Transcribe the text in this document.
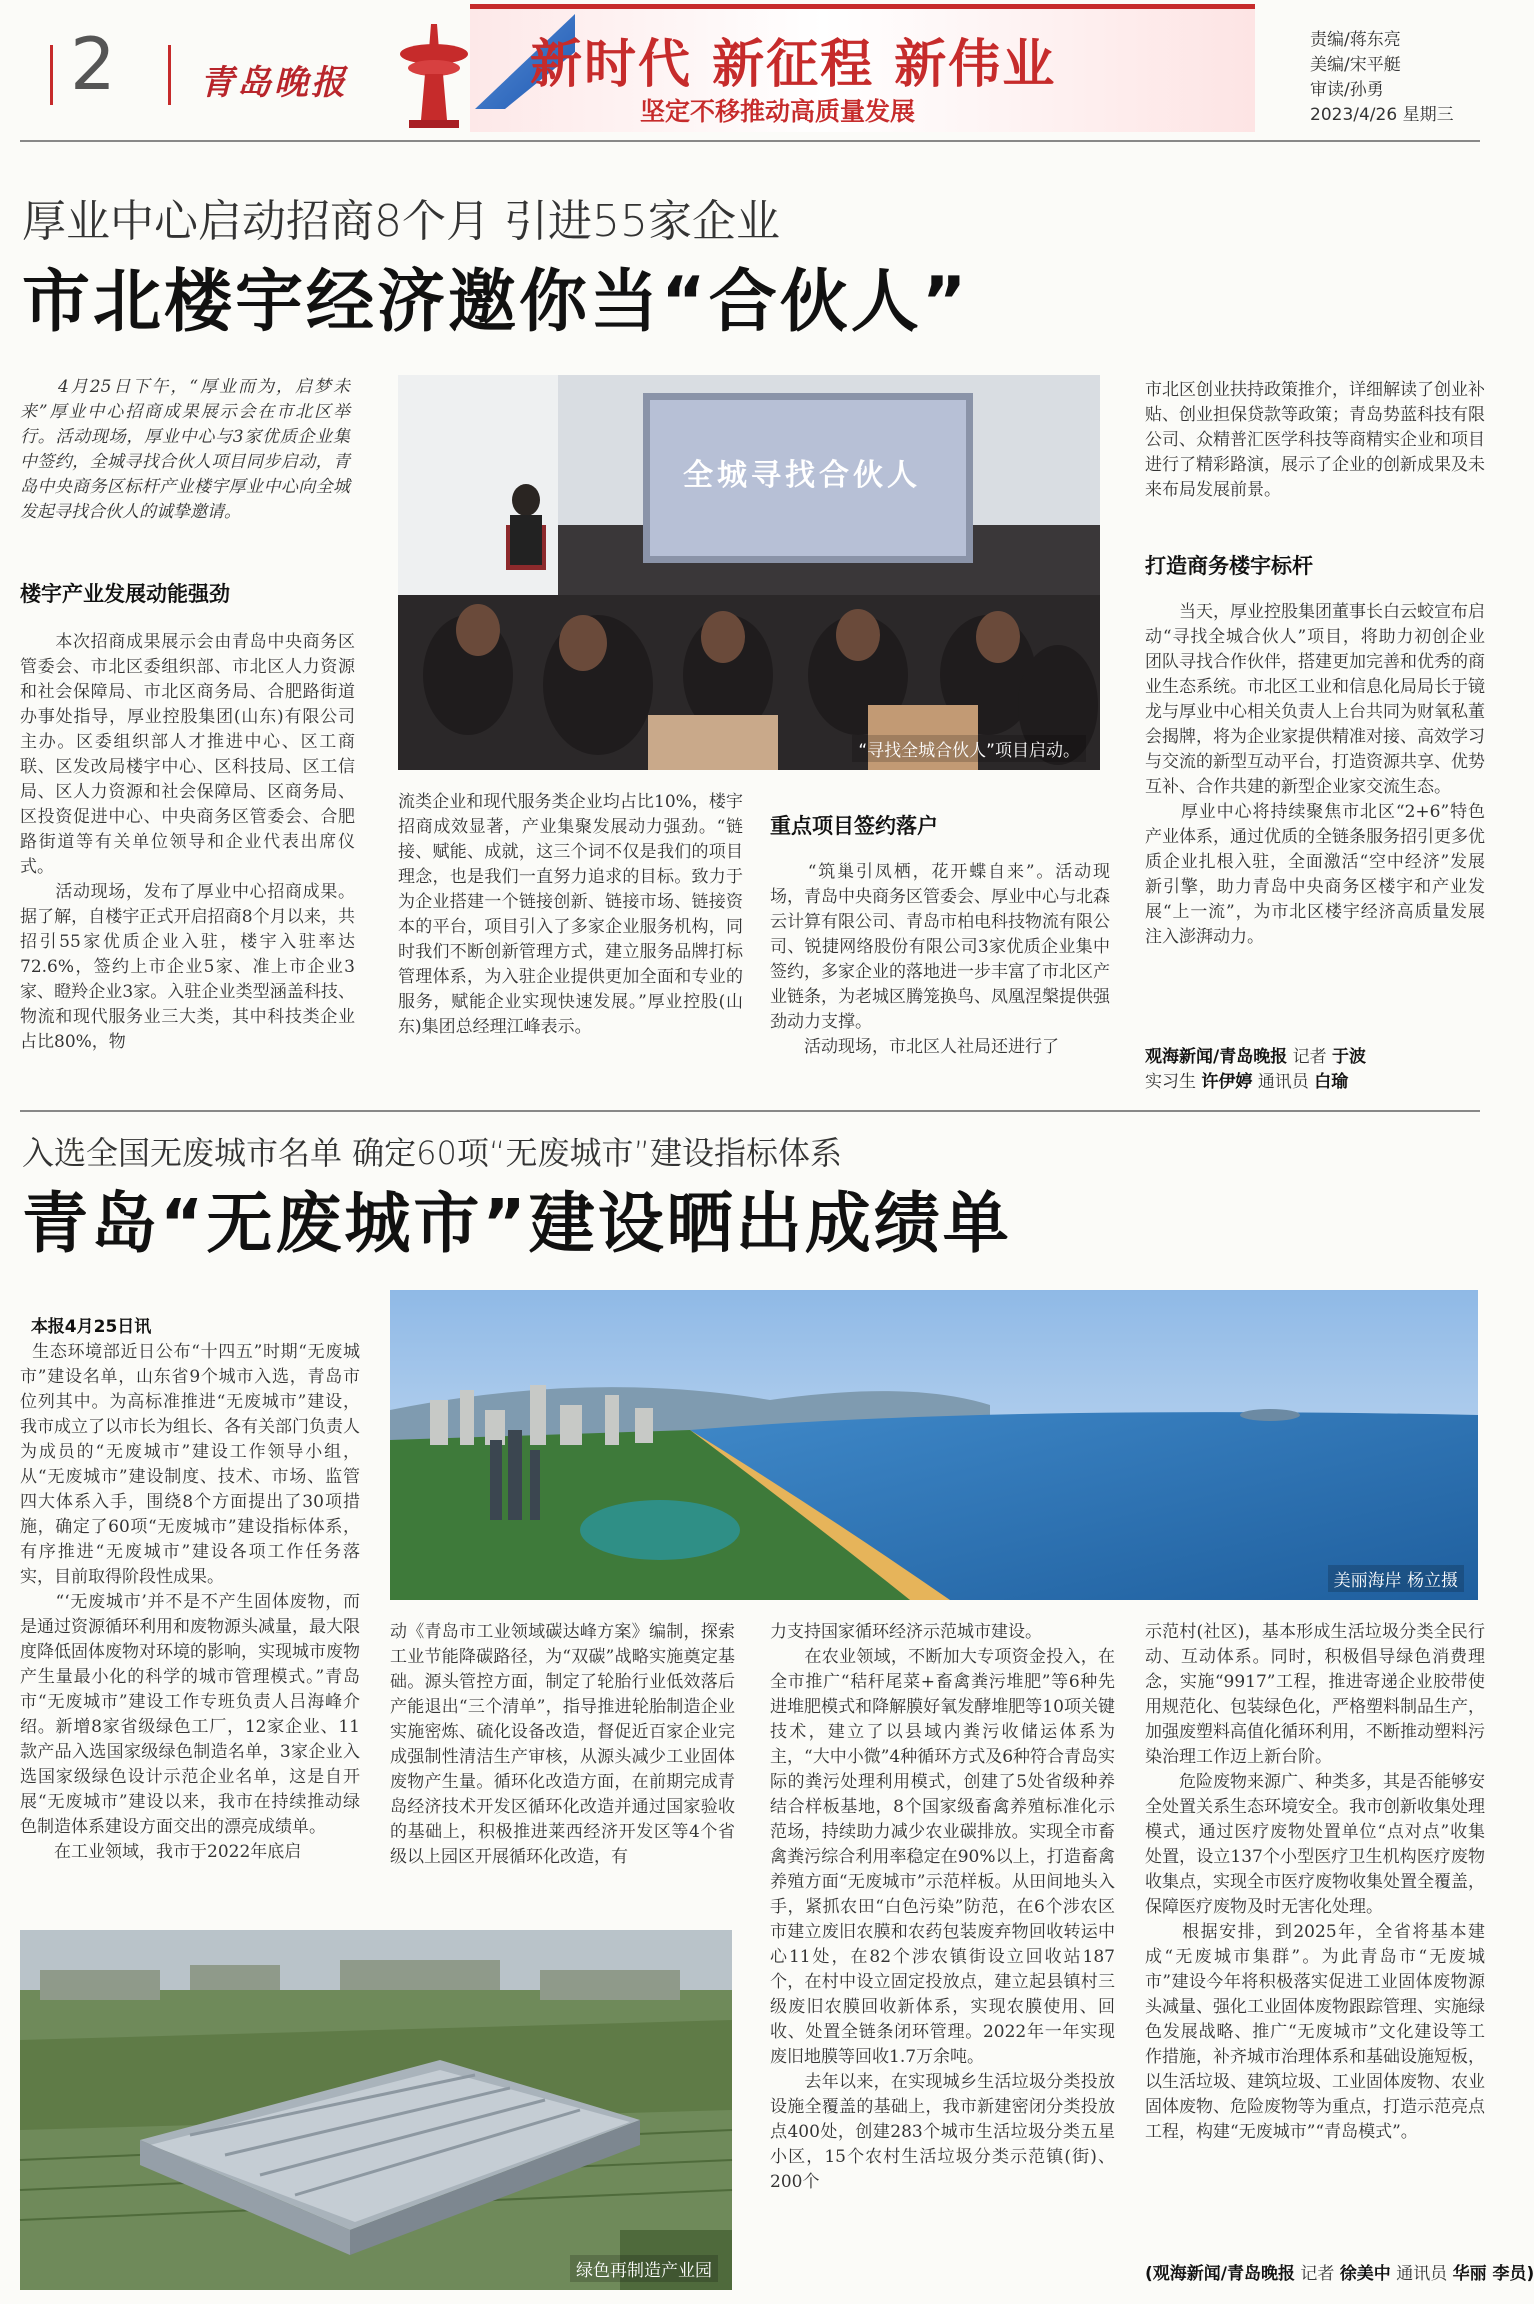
2 青岛晚报	新时代 新征程 新伟业
坚定不移推动高质量发展
责编/蒋东亮
美编/宋平艇
审读/孙勇
2023/4/26 星期三
厚业中心启动招商8个月 引进55家企业
市北楼宇经济邀你当“合伙人”
　　4月25日下午，“厚业而为，启梦未来”厚业中心招商成果展示会在市北区举行。活动现场，厚业中心与3家优质企业集中签约，全城寻找合伙人项目同步启动，青岛中央商务区标杆产业楼宇厚业中心向全城发起寻找合伙人的诚挚邀请。
楼宇产业发展动能强劲
　　本次招商成果展示会由青岛中央商务区管委会、市北区委组织部、市北区人力资源和社会保障局、市北区商务局、合肥路街道办事处指导，厚业控股集团(山东)有限公司主办。区委组织部人才推进中心、区工商联、区发改局楼宇中心、区科技局、区工信局、区人力资源和社会保障局、区商务局、区投资促进中心、中央商务区管委会、合肥路街道等有关单位领导和企业代表出席仪式。
　　活动现场，发布了厚业中心招商成果。据了解，自楼宇正式开启招商8个月以来，共招引55家优质企业入驻，楼宇入驻率达72.6%，签约上市企业5家、准上市企业3家、瞪羚企业3家。入驻企业类型涵盖科技、物流和现代服务业三大类，其中科技类企业占比80%，物
全城寻找合伙人
“寻找全城合伙人”项目启动。
流类企业和现代服务类企业均占比10%，楼宇招商成效显著，产业集聚发展动力强劲。“链接、赋能、成就，这三个词不仅是我们的项目理念，也是我们一直努力追求的目标。致力于为企业搭建一个链接创新、链接市场、链接资本的平台，项目引入了多家企业服务机构，同时我们不断创新管理方式，建立服务品牌打标管理体系，为入驻企业提供更加全面和专业的服务，赋能企业实现快速发展。”厚业控股(山东)集团总经理江峰表示。
重点项目签约落户
　　“筑巢引凤栖，花开蝶自来”。活动现场，青岛中央商务区管委会、厚业中心与北森云计算有限公司、青岛市柏电科技物流有限公司、锐捷网络股份有限公司3家优质企业集中签约，多家企业的落地进一步丰富了市北区产业链条，为老城区腾笼换鸟、凤凰涅槃提供强劲动力支撑。
　　活动现场，市北区人社局还进行了
市北区创业扶持政策推介，详细解读了创业补贴、创业担保贷款等政策；青岛势蓝科技有限公司、众精普汇医学科技等商精实企业和项目进行了精彩路演，展示了企业的创新成果及未来布局发展前景。
打造商务楼宇标杆
　　当天，厚业控股集团董事长白云蛟宣布启动“寻找全城合伙人”项目，将助力初创企业团队寻找合作伙伴，搭建更加完善和优秀的商业生态系统。市北区工业和信息化局局长于镜龙与厚业中心相关负责人上台共同为财氧私董会揭牌，将为企业家提供精准对接、高效学习与交流的新型互动平台，打造资源共享、优势互补、合作共建的新型企业家交流生态。
　　厚业中心将持续聚焦市北区“2+6”特色产业体系，通过优质的全链条服务招引更多优质企业扎根入驻，全面激活“空中经济”发展新引擎，助力青岛中央商务区楼宇和产业发展“上一流”，为市北区楼宇经济高质量发展注入澎湃动力。
观海新闻/青岛晚报 记者 于波
实习生 许伊婷 通讯员 白瑜
入选全国无废城市名单 确定60项“无废城市”建设指标体系
青岛“无废城市”建设晒出成绩单

本报4月25日讯
生态环境部近日公布“十四五”时期“无废城市”建设名单，山东省9个城市入选，青岛市位列其中。为高标准推进“无废城市”建设，我市成立了以市长为组长、各有关部门负责人为成员的“无废城市”建设工作领导小组，从“无废城市”建设制度、技术、市场、监管四大体系入手，围绕8个方面提出了30项措施，确定了60项“无废城市”建设指标体系，有序推进“无废城市”建设各项工作任务落实，目前取得阶段性成果。
　　“‘无废城市’并不是不产生固体废物，而是通过资源循环利用和废物源头减量，最大限度降低固体废物对环境的影响，实现城市废物产生量最小化的科学的城市管理模式。”青岛市“无废城市”建设工作专班负责人吕海峰介绍。新增8家省级绿色工厂，12家企业、11款产品入选国家级绿色制造名单，3家企业入选国家级绿色设计示范企业名单，这是自开展“无废城市”建设以来，我市在持续推动绿色制造体系建设方面交出的漂亮成绩单。
　　在工业领域，我市于2022年底启

美丽海岸 杨立摄
动《青岛市工业领域碳达峰方案》编制，探索工业节能降碳路径，为“双碳”战略实施奠定基础。源头管控方面，制定了轮胎行业低效落后产能退出“三个清单”，指导推进轮胎制造企业实施密炼、硫化设备改造，督促近百家企业完成强制性清洁生产审核，从源头减少工业固体废物产生量。循环化改造方面，在前期完成青岛经济技术开发区循环化改造并通过国家验收的基础上，积极推进莱西经济开发区等4个省级以上园区开展循环化改造，有
力支持国家循环经济示范城市建设。
　　在农业领域，不断加大专项资金投入，在全市推广“秸秆尾菜+畜禽粪污堆肥”等6种先进堆肥模式和降解膜好氧发酵堆肥等10项关键技术，建立了以县域内粪污收储运体系为主，“大中小微”4种循环方式及6种符合青岛实际的粪污处理利用模式，创建了5处省级种养结合样板基地，8个国家级畜禽养殖标准化示范场，持续助力减少农业碳排放。实现全市畜禽粪污综合利用率稳定在90%以上，打造畜禽养殖方面“无废城市”示范样板。从田间地头入手，紧抓农田“白色污染”防范，在6个涉农区市建立废旧农膜和农药包装废弃物回收转运中心11处，在82个涉农镇街设立回收站187个，在村中设立固定投放点，建立起县镇村三级废旧农膜回收新体系，实现农膜使用、回收、处置全链条闭环管理。2022年一年实现废旧地膜等回收1.7万余吨。
　　去年以来，在实现城乡生活垃圾分类投放设施全覆盖的基础上，我市新建密闭分类投放点400处，创建283个城市生活垃圾分类五星小区，15个农村生活垃圾分类示范镇(街)、200个
示范村(社区)，基本形成生活垃圾分类全民行动、互动体系。同时，积极倡导绿色消费理念，实施“9917”工程，推进寄递企业胶带使用规范化、包装绿色化，严格塑料制品生产，加强废塑料高值化循环利用，不断推动塑料污染治理工作迈上新台阶。
　　危险废物来源广、种类多，其是否能够安全处置关系生态环境安全。我市创新收集处理模式，通过医疗废物处置单位“点对点”收集处置，设立137个小型医疗卫生机构医疗废物收集点，实现全市医疗废物收集处置全覆盖，保障医疗废物及时无害化处理。
　　根据安排，到2025年，全省将基本建成“无废城市集群”。为此青岛市“无废城市”建设今年将积极落实促进工业固体废物源头减量、强化工业固体废物跟踪管理、实施绿色发展战略、推广“无废城市”文化建设等工作措施，补齐城市治理体系和基础设施短板，以生活垃圾、建筑垃圾、工业固体废物、农业固体废物、危险废物等为重点，打造示范亮点工程，构建“无废城市”“青岛模式”。
(观海新闻/青岛晚报 记者 徐美中 通讯员 华丽 李员)
绿色再制造产业园
